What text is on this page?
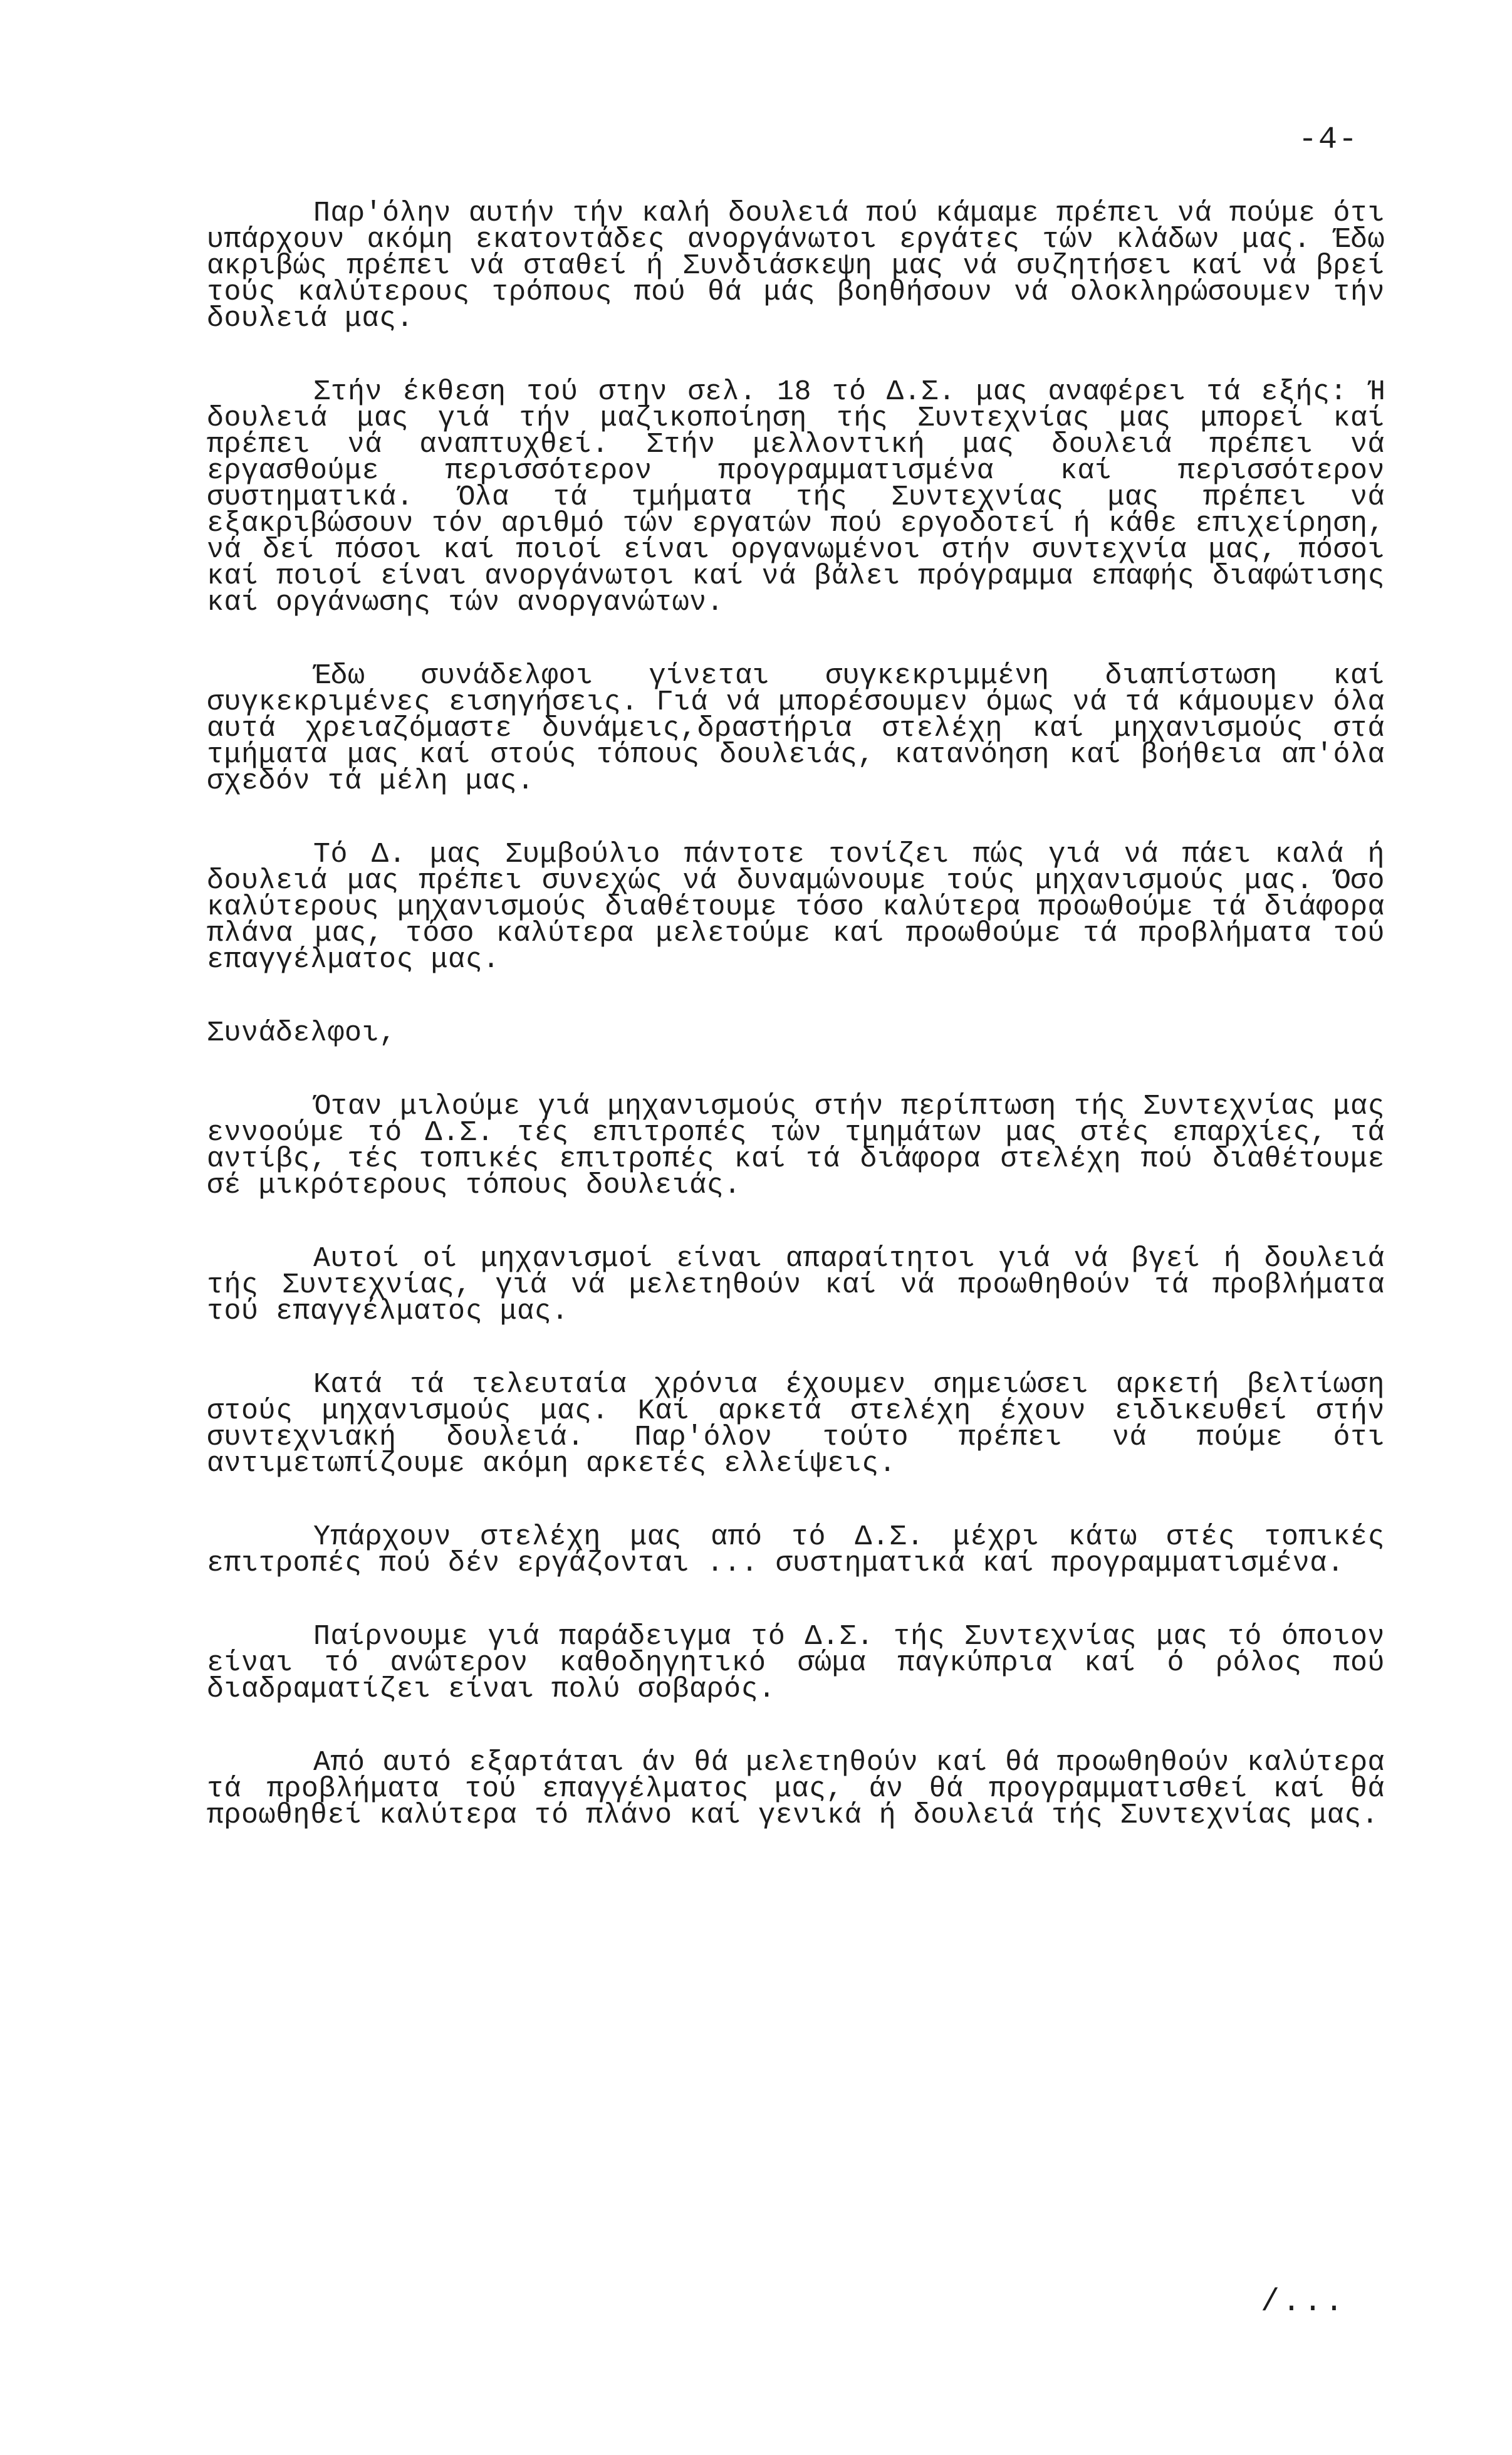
-4-

Παρ'όλην αυτήν τήν καλή δουλειά πού κάμαμε πρέπει νά πούμε ότι υπάρχουν ακόμη εκατοντάδες ανοργάνωτοι εργάτες τών κλάδων μας. Έδω ακριβώς πρέπει νά σταθεί ή Συνδιάσκεψη μας νά συζητήσει καί νά βρεί τούς καλύτερους τρόπους πού θά μάς βοηθήσουν νά ολοκληρώσουμεν τήν δουλειά μας.

Στήν έκθεση τού στην σελ. 18 τό Δ.Σ. μας αναφέρει τά εξής: Ή δουλειά μας γιά τήν μαζικοποίηση τής Συντεχνίας μας μπορεί καί πρέπει νά αναπτυχθεί. Στήν μελλοντική μας δουλειά πρέπει νά εργασθούμε περισσότερον προγραμματισμένα καί περισσότερον συστηματικά. Όλα τά τμήματα τής Συντεχνίας μας πρέπει νά εξακριβώσουν τόν αριθμό τών εργατών πού εργοδοτεί ή κάθε επιχείρηση, νά δεί πόσοι καί ποιοί είναι οργανωμένοι στήν συντεχνία μας, πόσοι καί ποιοί είναι ανοργάνωτοι καί νά βάλει πρόγραμμα επαφής διαφώτισης καί οργάνωσης τών ανοργανώτων.

Έδω συνάδελφοι γίνεται συγκεκριμμένη διαπίστωση καί συγκεκριμένες εισηγήσεις. Γιά νά μπορέσουμεν όμως νά τά κάμουμεν όλα αυτά χρειαζόμαστε δυνάμεις,δραστήρια στελέχη καί μηχανισμούς στά τμήματα μας καί στούς τόπους δουλειάς, κατανόηση καί βοήθεια απ'όλα σχεδόν τά μέλη μας.

Τό Δ. μας Συμβούλιο πάντοτε τονίζει πώς γιά νά πάει καλά ή δουλειά μας πρέπει συνεχώς νά δυναμώνουμε τούς μηχανισμούς μας. Όσο καλύτερους μηχανισμούς διαθέτουμε τόσο καλύτερα προωθούμε τά διάφορα πλάνα μας, τόσο καλύτερα μελετούμε καί προωθούμε τά προβλήματα τού επαγγέλματος μας.

Συνάδελφοι,

Όταν μιλούμε γιά μηχανισμούς στήν περίπτωση τής Συντεχνίας μας εννοούμε τό Δ.Σ. τές επιτροπές τών τμημάτων μας στές επαρχίες, τά αντίβς, τές τοπικές επιτροπές καί τά διάφορα στελέχη πού διαθέτουμε σέ μικρότερους τόπους δουλειάς.

Αυτοί οί μηχανισμοί είναι απαραίτητοι γιά νά βγεί ή δουλειά τής Συντεχνίας, γιά νά μελετηθούν καί νά προωθηθούν τά προβλήματα τού επαγγέλματος μας.

Κατά τά τελευταία χρόνια έχουμεν σημειώσει αρκετή βελτίωση στούς μηχανισμούς μας. Καί αρκετά στελέχη έχουν ειδικευθεί στήν συντεχνιακή δουλειά. Παρ'όλον τούτο πρέπει νά πούμε ότι αντιμετωπίζουμε ακόμη αρκετές ελλείψεις.

Υπάρχουν στελέχη μας από τό Δ.Σ. μέχρι κάτω στές τοπικές επιτροπές πού δέν εργάζονται ... συστηματικά καί προγραμματισμένα.

Παίρνουμε γιά παράδειγμα τό Δ.Σ. τής Συντεχνίας μας τό όποιον είναι τό ανώτερον καθοδηγητικό σώμα παγκύπρια καί ό ρόλος πού διαδραματίζει είναι πολύ σοβαρός.

Από αυτό εξαρτάται άν θά μελετηθούν καί θά προωθηθούν καλύτερα τά προβλήματα τού επαγγέλματος μας, άν θά προγραμματισθεί καί θά προωθηθεί καλύτερα τό πλάνο καί γενικά ή δουλειά τής Συντεχνίας μας.

/...
